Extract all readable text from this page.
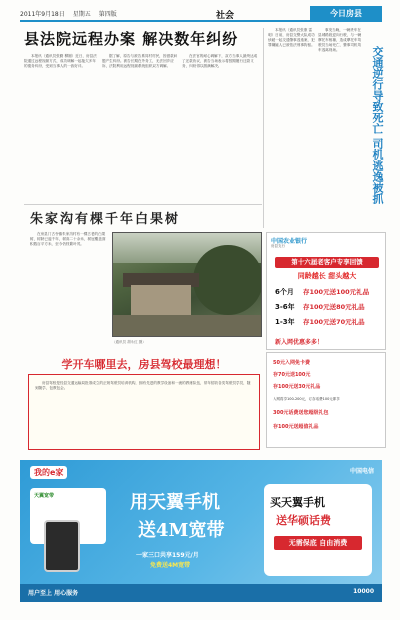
2011年9月18日 星期五 第四版	社会	今日房县
县法院远程办案 解决数年纠纷

本报讯（通讯员张勤 柳刚）近日，房县法院通过远程视频方式，成功调解一起拖欠多年的债务纠纷，受到当事人的一致好评。

据了解，原告与被告系同村村民，因借款问题产生纠纷。被告长期在外务工，无法回乡应诉，法院利用远程视频系统组织双方调解。

在法官的耐心调解下，双方当事人最终达成了还款协议，被告当场表示将按期履行还款义务，纠纷得以圆满解决。

本报讯（通讯员张康 雷明）日前，房县交警大队成功侦破一起交通肇事逃逸案，犯罪嫌疑人已被依法刑事拘留。

事发当晚，一辆货车在县城路段逆向行驶，与一辆摩托车相撞，造成摩托车驾驶员当场死亡，肇事司机驾车逃离现场。	交通逆行导致死亡 司机逃逸被抓
朱家沟有棵千年白果树

在房县门古寺镇朱家沟村有一棵古老的白果树，树龄已逾千年，树高二十余米，树冠覆盖面积数百平方米，至今仍枝繁叶茂。

（通讯员 胡永红 摄）
中国农业银行
房县支行
第十六届老客户专享回馈
同龄越长 甜头越大
6个月	存100元送100元礼品
3-6年	存100元送80元礼品
1-3年	存100元送70元礼品
新入网优惠多多！
50元入网免卡费
存70元送100元
存100元送30元礼品
入网将享100-200元，订存话费100元即享
300元话费送您超级礼包
存100元送超值礼品
学开车哪里去，房县驾校最理想！

房县驾校是经县交通运输局批准成立的正规驾驶员培训机构，拥有先进的教学设备和一流的教练队伍，常年招收各类驾驶员学员，随到随学，包教包会。

我的e家	中国电信
天翼宽带	用天翼手机
送4M宽带
一家三口共享159元/月
免费送4M宽带
买天翼手机
送华硕话费
无需保底 自由消费
用户至上 用心服务	10000
